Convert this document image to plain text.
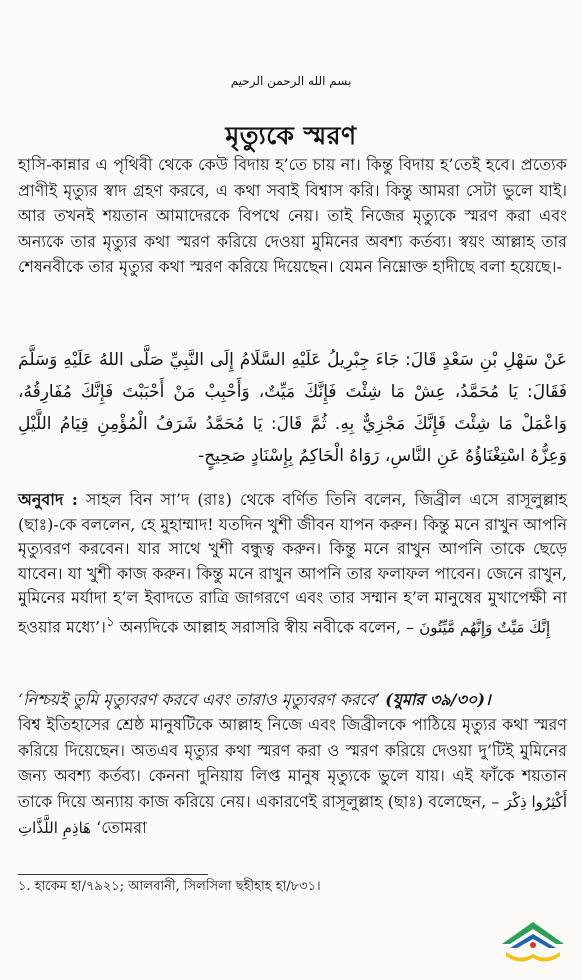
بسم الله الرحمن الرحيم
মৃত্যুকে স্মরণ

হাসি-কান্নার এ পৃথিবী থেকে কেউ বিদায় হ’তে চায় না। কিন্তু বিদায় হ’তেই হবে। প্রত্যেক প্রাণীই মৃত্যুর স্বাদ গ্রহণ করবে, এ কথা সবাই বিশ্বাস করি। কিন্তু আমরা সেটা ভুলে যাই। আর তখনই শয়তান আমাদেরকে বিপথে নেয়। তাই নিজের মৃত্যুকে স্মরণ করা এবং অন্যকে তার মৃত্যুর কথা স্মরণ করিয়ে দেওয়া মুমিনের অবশ্য কর্তব্য। স্বয়ং আল্লাহ তার শেষনবীকে তার মৃত্যুর কথা স্মরণ করিয়ে দিয়েছেন। যেমন নিম্নোক্ত হাদীছে বলা হয়েছে।-

عَنْ سَهْلِ بْنِ سَعْدٍ قَالَ: جَاءَ جِبْرِيلُ عَلَيْهِ السَّلَامُ إِلَى النَّبِيِّ صَلَّى اللهُ عَلَيْهِ وَسَلَّمَ فَقَالَ: يَا مُحَمَّدُ، عِشْ مَا شِئْتَ فَإِنَّكَ مَيِّتٌ، وَأَحْبِبْ مَنْ أَحْبَبْتَ فَإِنَّكَ مُفَارِقُهُ، وَاعْمَلْ مَا شِئْتَ فَإِنَّكَ مَجْزِيٌّ بِهِ. ثُمَّ قَالَ: يَا مُحَمَّدُ شَرَفُ الْمُؤْمِنِ قِيَامُ اللَّيْلِ وَعِزُّهُ اسْتِغْنَاؤُهُ عَنِ النَّاسِ، رَوَاهُ الْحَاكِمُ بِإِسْنَادٍ صَحِيحٍ-
অনুবাদ : সাহল বিন সা’দ (রাঃ) থেকে বর্ণিত তিনি বলেন, জিব্রীল এসে রাসূলুল্লাহ (ছাঃ)-কে বললেন, হে মুহাম্মাদ! যতদিন খুশী জীবন যাপন করুন। কিন্তু মনে রাখুন আপনি মৃত্যুবরণ করবেন। যার সাথে খুশী বন্ধুত্ব করুন। কিন্তু মনে রাখুন আপনি তাকে ছেড়ে যাবেন। যা খুশী কাজ করুন। কিন্তু মনে রাখুন আপনি তার ফলাফল পাবেন। জেনে রাখুন, মুমিনের মর্যাদা হ’ল ইবাদতে রাত্রি জাগরণে এবং তার সম্মান হ’ল মানুষের মুখাপেক্ষী না হওয়ার মধ্যে’।$^১$ অন্যদিকে আল্লাহ সরাসরি স্বীয় নবীকে বলেন, – إِنَّكَ مَيِّتٌ وَإِنَّهُم مَّيِّتُونَ
‘নিশ্চয়ই তুমি মৃত্যুবরণ করবে এবং তারাও মৃত্যুবরণ করবে’ (যুমার ৩৯/৩০)।
বিশ্ব ইতিহাসের শ্রেষ্ঠ মানুষটিকে আল্লাহ নিজে এবং জিব্রীলকে পাঠিয়ে মৃত্যুর কথা স্মরণ করিয়ে দিয়েছেন। অতএব মৃত্যুর কথা স্মরণ করা ও স্মরণ করিয়ে দেওয়া দু’টিই মুমিনের জন্য অবশ্য কর্তব্য। কেননা দুনিয়ায় লিপ্ত মানুষ মৃত্যুকে ভুলে যায়। এই ফাঁকে শয়তান তাকে দিয়ে অন্যায় কাজ করিয়ে নেয়। একারণেই রাসূলুল্লাহ (ছাঃ) বলেছেন, – أَكْثِرُوا ذِكْرَ هَاذِمِ اللَّذَّاتِ ‘তোমরা
১. হাকেম হা/৭৯২১; আলবানী, সিলসিলা ছহীহাহ হা/৮৩১।
